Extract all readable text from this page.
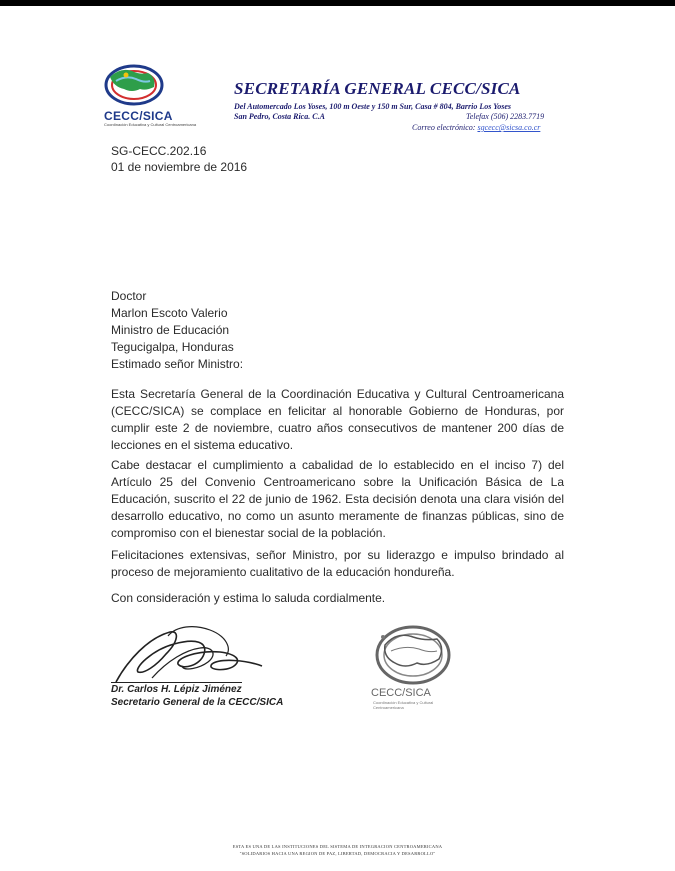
CECC/SICA
Coordinación Educativa y Cultural Centroamericana
SECRETARÍA GENERAL CECC/SICA
Del Automercado Los Yoses, 100 m Oeste y 150 m Sur, Casa # 804, Barrio Los Yoses
San Pedro, Costa Rica. C.A	Telefax (506) 2283.7719
Correo electrónico: sgcecc@sicsa.co.cr
SG-CECC.202.16
01 de noviembre de 2016
Doctor
Marlon Escoto Valerio
Ministro de Educación
Tegucigalpa, Honduras
Estimado señor Ministro:
Esta Secretaría General de la Coordinación Educativa y Cultural Centroamericana (CECC/SICA) se complace en felicitar al honorable Gobierno de Honduras, por cumplir este 2 de noviembre, cuatro años consecutivos de mantener 200 días de lecciones en el sistema educativo.
Cabe destacar el cumplimiento a cabalidad de lo establecido en el inciso 7) del Artículo 25 del Convenio Centroamericano sobre la Unificación Básica de La Educación, suscrito el 22 de junio de 1962. Esta decisión denota una clara visión del desarrollo educativo, no como un asunto meramente de finanzas públicas, sino de compromiso con el bienestar social de la población.
Felicitaciones extensivas, señor Ministro, por su liderazgo e impulso brindado al proceso de mejoramiento cualitativo de la educación hondureña.
Con consideración y estima lo saluda cordialmente.
Dr. Carlos H. Lépiz Jiménez
Secretario General de la CECC/SICA
CECC/SICA
Coordinación Educativa y Cultural Centroamericana
ESTA ES UNA DE LAS INSTITUCIONES DEL SISTEMA DE INTEGRACION CENTROAMERICANA
"SOLIDARIOS HACIA UNA REGION DE PAZ, LIBERTAD, DEMOCRACIA Y DESARROLLO"
